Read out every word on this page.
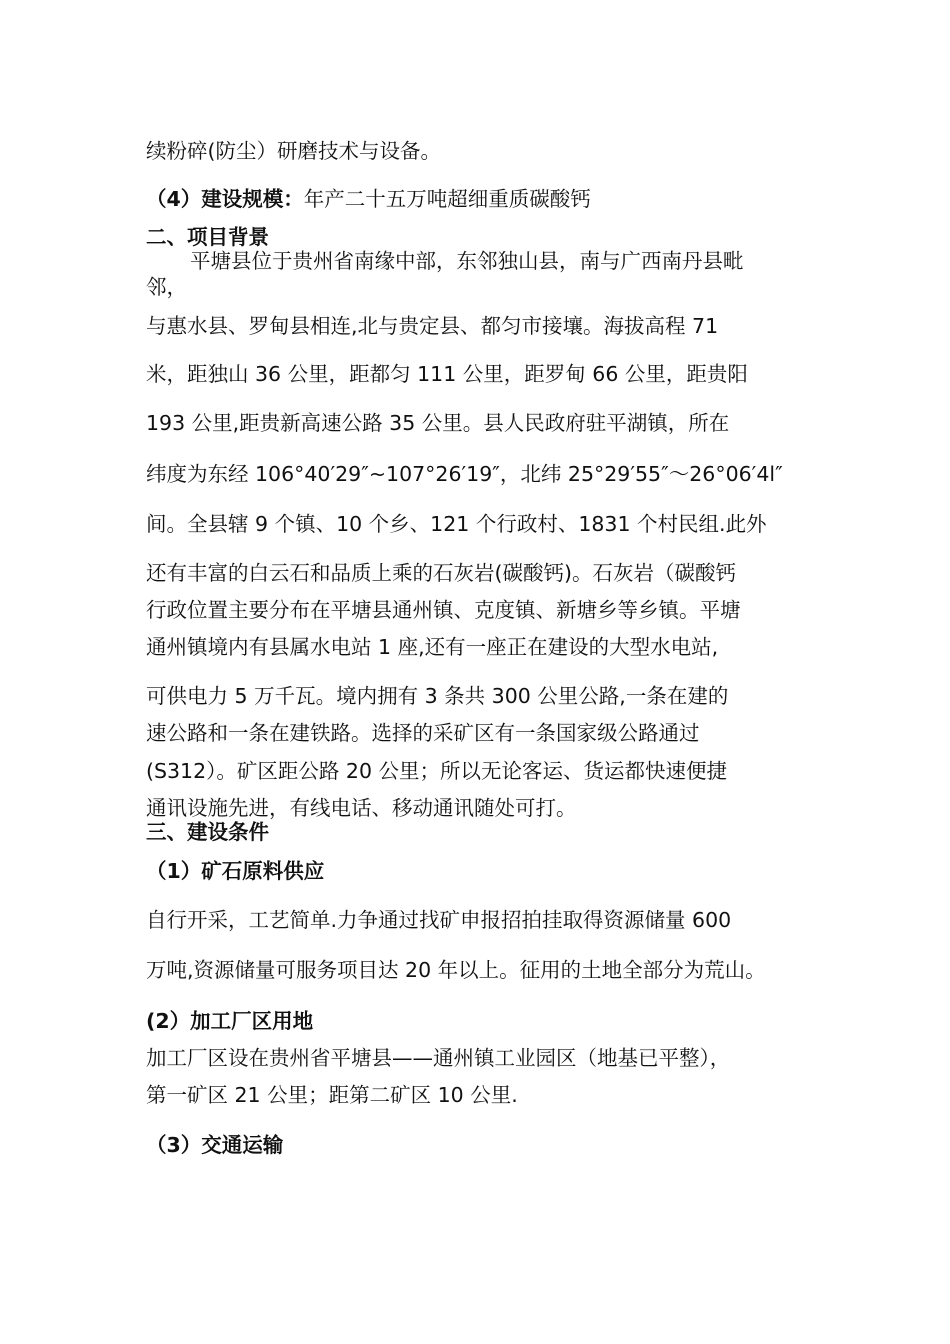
续粉碎(防尘）研磨技术与设备。
（4）建设规模：年产二十五万吨超细重质碳酸钙
二、项目背景
平塘县位于贵州省南缘中部，东邻独山县，南与广西南丹县毗
邻，
与惠水县、罗甸县相连,北与贵定县、都匀市接壤。海拔高程 71
米，距独山 36 公里，距都匀 111 公里，距罗甸 66 公里，距贵阳
193 公里,距贵新高速公路 35 公里。县人民政府驻平湖镇，所在
纬度为东经 106°40′29″~107°26′19″，北纬 25°29′55″～26°06′4l″
间。全县辖 9 个镇、10 个乡、121 个行政村、1831 个村民组.此外
还有丰富的白云石和品质上乘的石灰岩(碳酸钙)。石灰岩（碳酸钙
行政位置主要分布在平塘县通州镇、克度镇、新塘乡等乡镇。平塘
通州镇境内有县属水电站 1 座,还有一座正在建设的大型水电站,
可供电力 5 万千瓦。境内拥有 3 条共 300 公里公路,一条在建的
速公路和一条在建铁路。选择的采矿区有一条国家级公路通过
(S312）。矿区距公路 20 公里；所以无论客运、货运都快速便捷
通讯设施先进，有线电话、移动通讯随处可打。
三、建设条件
（1）矿石原料供应
自行开采，工艺简单.力争通过找矿申报招拍挂取得资源储量 600
万吨,资源储量可服务项目达 20 年以上。征用的土地全部分为荒山。
(2）加工厂区用地
加工厂区设在贵州省平塘县——通州镇工业园区（地基已平整），
第一矿区 21 公里；距第二矿区 10 公里.
（3）交通运输
